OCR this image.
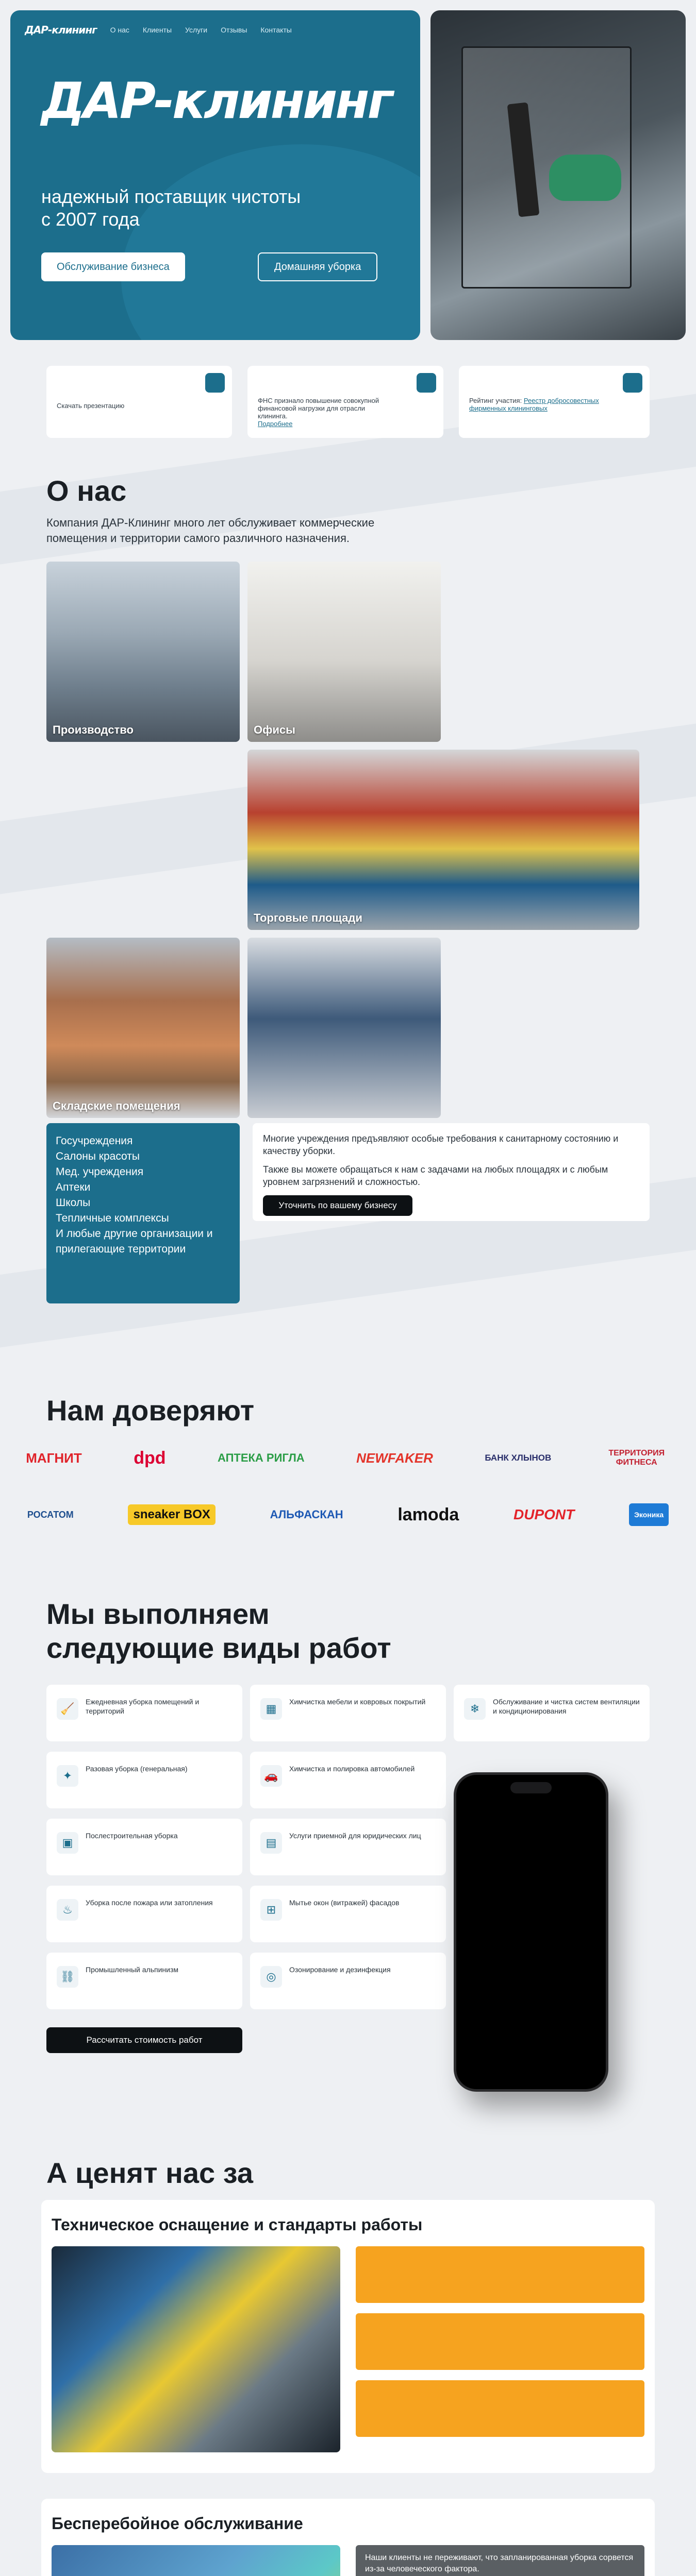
ДАР-клининг О нас Клиенты Услуги Отзывы Контакты
ДАР-клининг
надежный поставщик чистоты с 2007 года
Обслуживание бизнеса	Домашняя уборка
Скачать презентацию
ФНС признало повышение совокупной финансовой нагрузки для отрасли клининга.
Подробнее
Рейтинг участия: Реестр добросовестных фирменных клининговых
О нас
Компания ДАР-Клининг много лет обслуживает коммерческие помещения и территории самого различного назначения.
Производство	Офисы
Торговые площади
Складские помещения
Госучреждения
Салоны красоты
Мед. учреждения
Аптеки
Школы
Тепличные комплексы
И любые другие организации и прилегающие территории
Многие учреждения предъявляют особые требования к санитарному состоянию и качеству уборки.
Также вы можете обращаться к нам с задачами на любых площадях и с любым уровнем загрязнений и сложностью.
Уточнить по вашему бизнесу
Нам доверяют
МАГНИТ	dpd	АПТЕКА РИГЛА	NEWFAKER	БАНК ХЛЫНОВ	ТЕРРИТОРИЯ ФИТНЕСА
РОСАТОМ	sneaker BOX	АЛЬФАСКАН	lamoda	DUPONT	Эконика
Мы выполняем следующие виды работ
🧹
Ежедневная уборка помещений и территорий	▦
Химчистка мебели и ковровых покрытий
❄
Обслуживание и чистка систем вентиляции и кондиционирования
✦
Разовая уборка (генеральная)
🚗
Химчистка и полировка автомобилей
▣
Послестроительная уборка
▤
Услуги приемной для юридических лиц
♨
Уборка после пожара или затопления
⊞
Мытье окон (витражей) фасадов
⛓
Промышленный альпинизм
◎
Озонирование и дезинфекция
Рассчитать стоимость работ
А ценят нас за
Техническое оснащение и стандарты работы
Бесперебойное обслуживание
Наши клиенты не переживают, что запланированная уборка сорвется из-за человеческого фактора.
